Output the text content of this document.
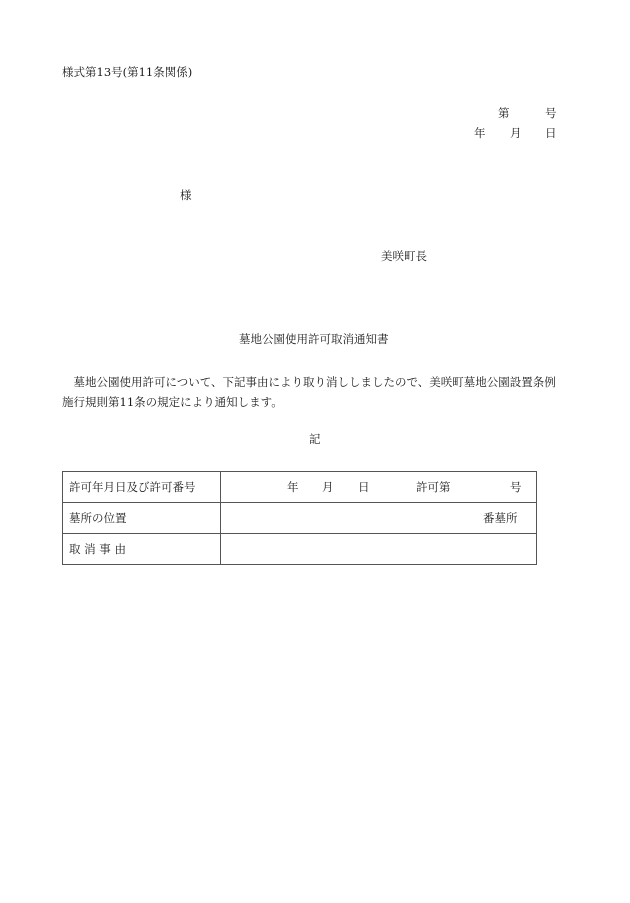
様式第13号(第11条関係)
第	号
年 月 日
様
美咲町長
墓地公園使用許可取消通知書
　墓地公園使用許可について、下記事由により取り消ししましたので、美咲町墓地公園設置条例
施行規則第11条の規定により通知します。
記
許可年月日及び許可番号	年 月 日 許可第 号

墓所の位置	番墓所

取 消 事 由	
